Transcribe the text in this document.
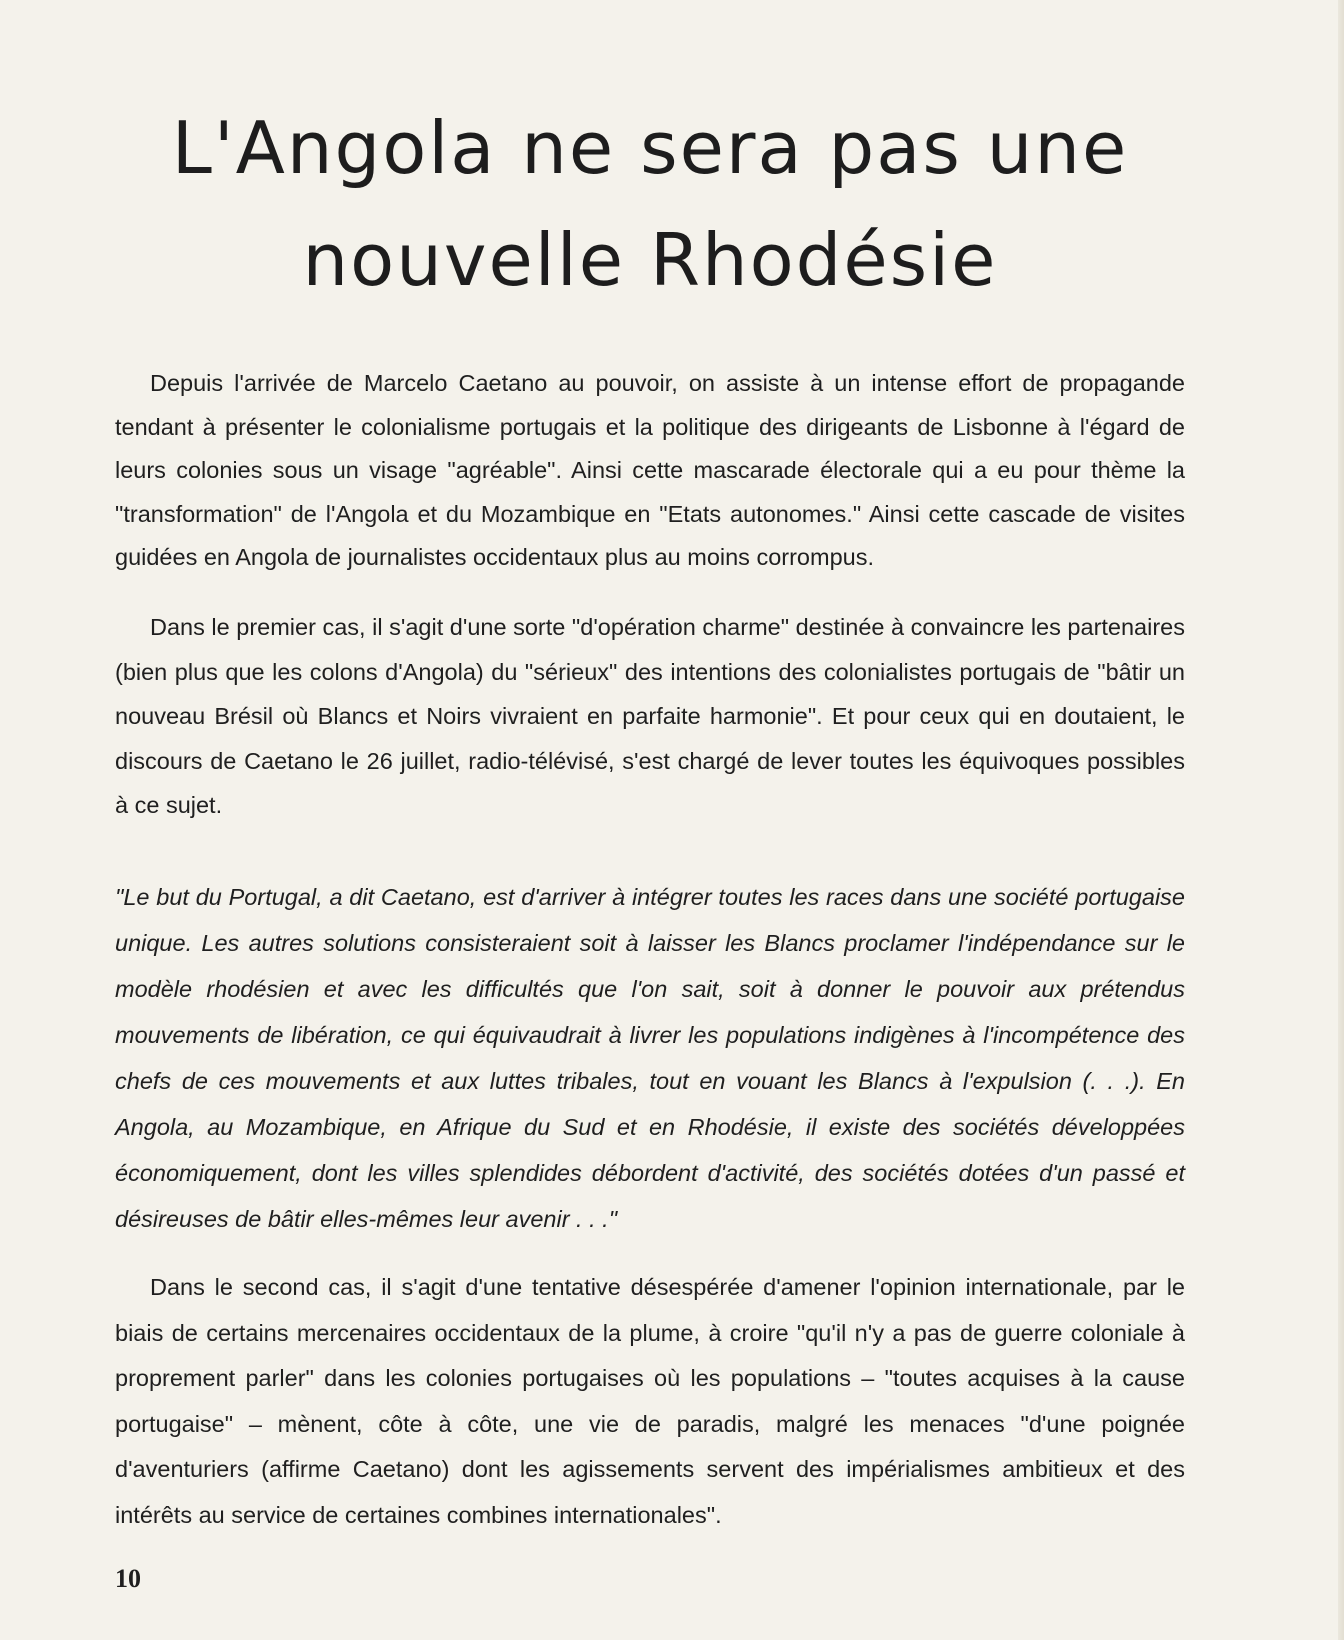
L'Angola ne sera pas une
nouvelle Rhodésie

Depuis l'arrivée de Marcelo Caetano au pouvoir, on assiste à un intense effort de propagande tendant à présenter le colonialisme portugais et la politique des dirigeants de Lisbonne à l'égard de leurs colonies sous un visage "agréable". Ainsi cette mascarade électorale qui a eu pour thème la "transformation" de l'Angola et du Mozambique en "Etats autonomes." Ainsi cette cascade de visites guidées en Angola de journalistes occidentaux plus au moins corrompus.

Dans le premier cas, il s'agit d'une sorte "d'opération charme" destinée à convaincre les partenaires (bien plus que les colons d'Angola) du "sérieux" des intentions des colonialistes portugais de "bâtir un nouveau Brésil où Blancs et Noirs vivraient en parfaite harmonie". Et pour ceux qui en doutaient, le discours de Caetano le 26 juillet, radio-télévisé, s'est chargé de lever toutes les équivoques possibles à ce sujet.

"Le but du Portugal, a dit Caetano, est d'arriver à intégrer toutes les races dans une société portugaise unique. Les autres solutions consisteraient soit à laisser les Blancs proclamer l'indépendance sur le modèle rhodésien et avec les difficultés que l'on sait, soit à donner le pouvoir aux prétendus mouvements de libération, ce qui équivaudrait à livrer les populations indigènes à l'incompétence des chefs de ces mouvements et aux luttes tribales, tout en vouant les Blancs à l'expulsion (. . .). En Angola, au Mozambique, en Afrique du Sud et en Rhodésie, il existe des sociétés développées économiquement, dont les villes splendides débordent d'activité, des sociétés dotées d'un passé et désireuses de bâtir elles-mêmes leur avenir . . ."

Dans le second cas, il s'agit d'une tentative désespérée d'amener l'opinion internationale, par le biais de certains mercenaires occidentaux de la plume, à croire "qu'il n'y a pas de guerre coloniale à proprement parler" dans les colonies portugaises où les populations – "toutes acquises à la cause portugaise" – mènent, côte à côte, une vie de paradis, malgré les menaces "d'une poignée d'aventuriers (affirme Caetano) dont les agissements servent des impérialismes ambitieux et des intérêts au service de certaines combines internationales".

10
